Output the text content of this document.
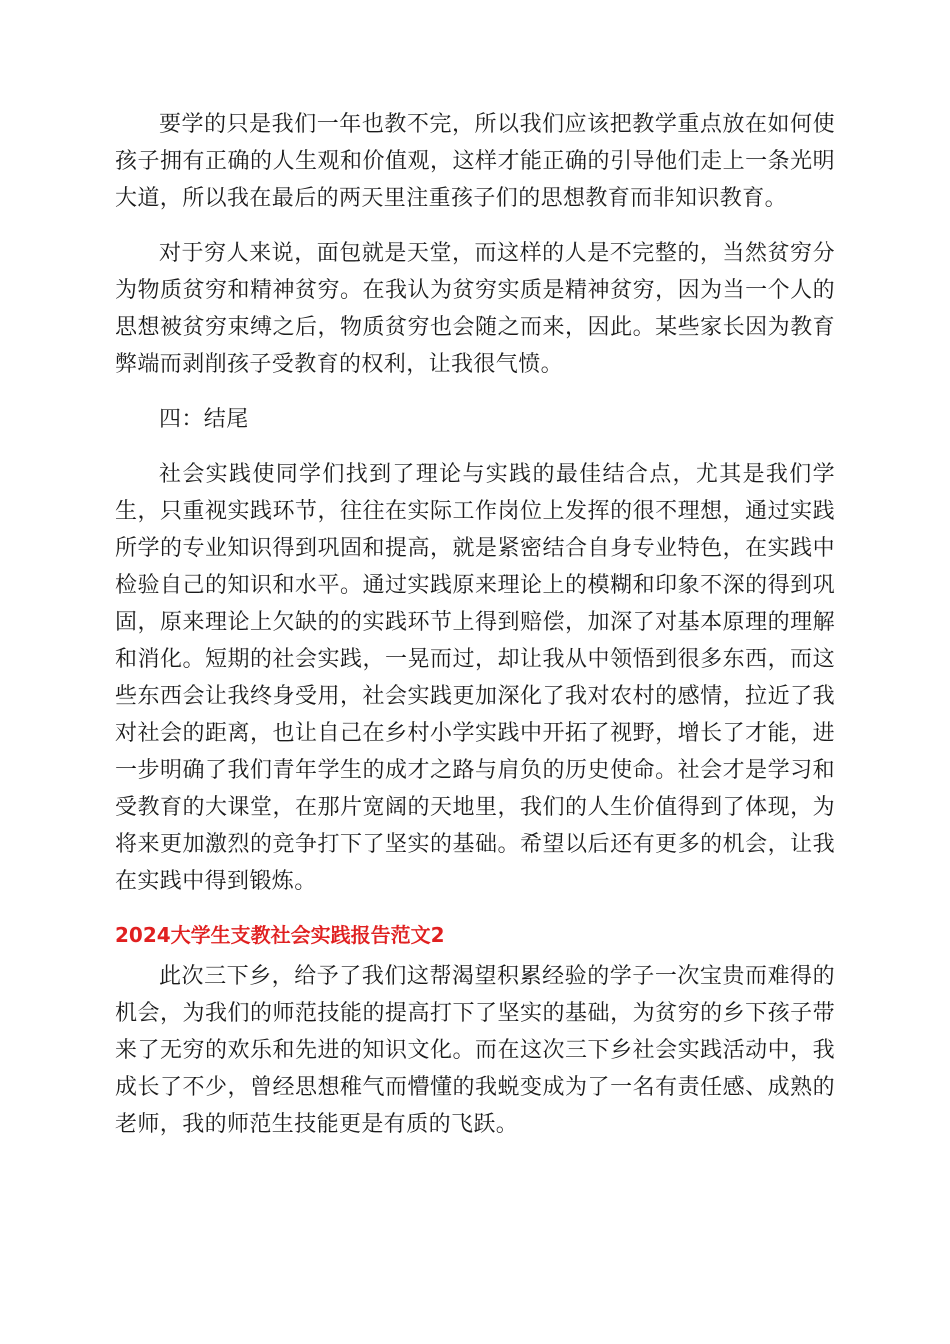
要学的只是我们一年也教不完，所以我们应该把教学重点放在如何使孩子拥有正确的人生观和价值观，这样才能正确的引导他们走上一条光明大道，所以我在最后的两天里注重孩子们的思想教育而非知识教育。

对于穷人来说，面包就是天堂，而这样的人是不完整的，当然贫穷分为物质贫穷和精神贫穷。在我认为贫穷实质是精神贫穷，因为当一个人的思想被贫穷束缚之后，物质贫穷也会随之而来，因此。某些家长因为教育弊端而剥削孩子受教育的权利，让我很气愤。

四：结尾

社会实践使同学们找到了理论与实践的最佳结合点，尤其是我们学生，只重视实践环节，往往在实际工作岗位上发挥的很不理想，通过实践所学的专业知识得到巩固和提高，就是紧密结合自身专业特色，在实践中检验自己的知识和水平。通过实践原来理论上的模糊和印象不深的得到巩固，原来理论上欠缺的的实践环节上得到赔偿，加深了对基本原理的理解和消化。短期的社会实践，一晃而过，却让我从中领悟到很多东西，而这些东西会让我终身受用，社会实践更加深化了我对农村的感情，拉近了我对社会的距离，也让自己在乡村小学实践中开拓了视野，增长了才能，进一步明确了我们青年学生的成才之路与肩负的历史使命。社会才是学习和受教育的大课堂，在那片宽阔的天地里，我们的人生价值得到了体现，为将来更加激烈的竞争打下了坚实的基础。希望以后还有更多的机会，让我在实践中得到锻炼。

2024大学生支教社会实践报告范文2

此次三下乡，给予了我们这帮渴望积累经验的学子一次宝贵而难得的机会，为我们的师范技能的提高打下了坚实的基础，为贫穷的乡下孩子带来了无穷的欢乐和先进的知识文化。而在这次三下乡社会实践活动中，我成长了不少，曾经思想稚气而懵懂的我蜕变成为了一名有责任感、成熟的老师，我的师范生技能更是有质的飞跃。
